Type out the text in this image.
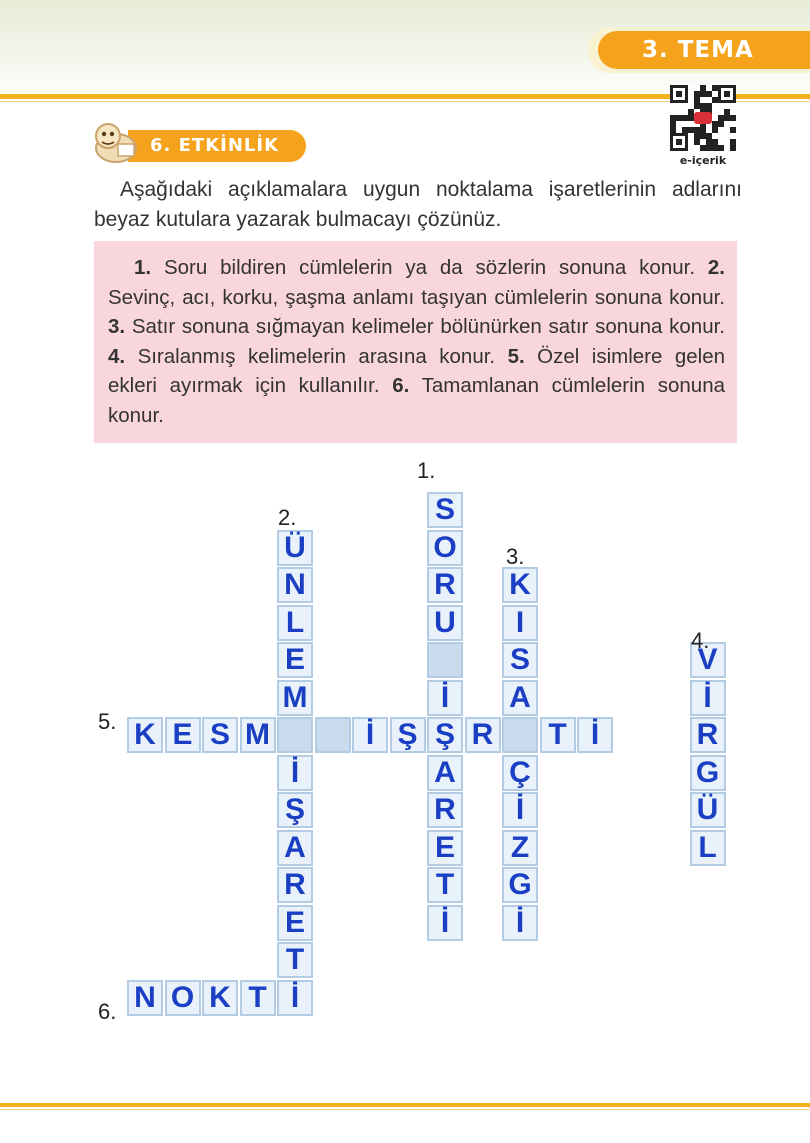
3. TEMA
e-içerik
6. ETKİNLİK
Aşağıdaki açıklamalara uygun noktalama işaretlerinin adlarını beyaz kutulara yazarak bulmacayı çözünüz.
1. Soru bildiren cümlelerin ya da sözlerin sonuna konur. 2. Sevinç, acı, korku, şaşma anlamı taşıyan cümlelerin sonuna konur. 3. Satır sonuna sığmayan kelimeler bölünürken satır sonuna konur. 4. Sıralanmış kelimelerin arasına konur. 5. Özel isimlere gelen ekleri ayırmak için kullanılır. 6. Tamamlanan cümlelerin sonuna konur.
S
O
R
U
İ
Ş
A
R
E
T
İ
Ü
N
L
E
M
İ
Ş
A
R
E
T
İ
K
I
S
A
Ç
İ
Z
G
İ
V
İ
R
G
Ü
L
K E S M	İ Ş R T İ
N O K T
1.
2.
3.
4.
5.
6.
